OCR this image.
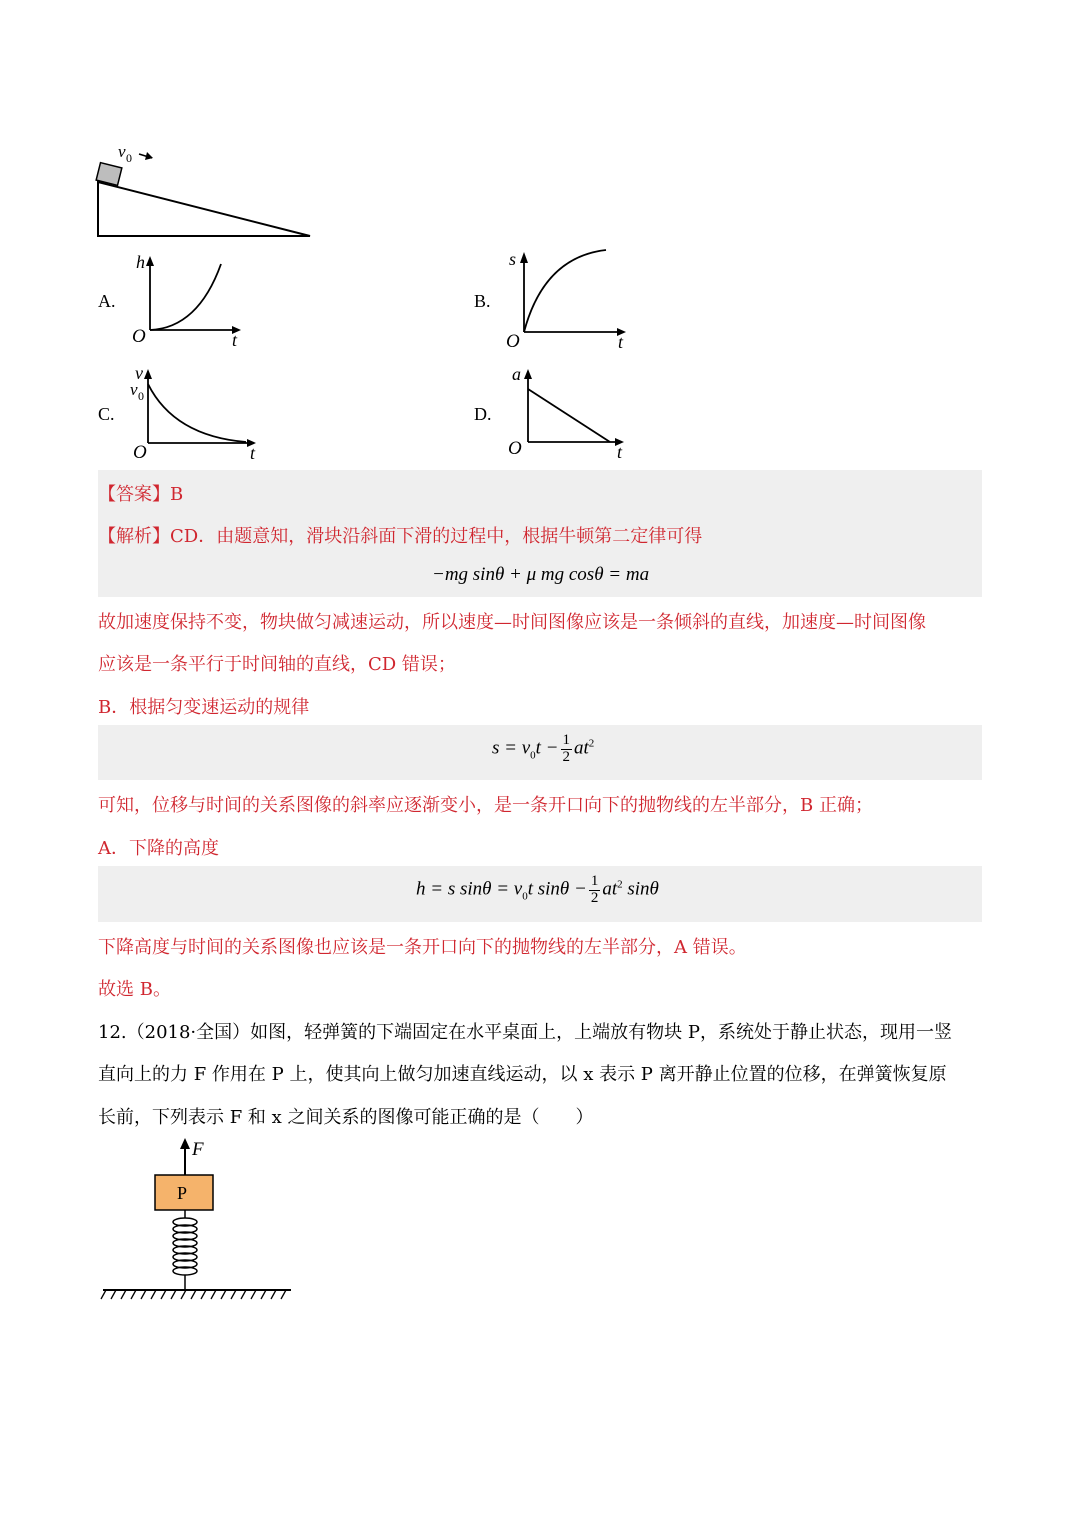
v 0
A.
h
t
O
B.
s
t
O
C.
v
v 0
t
O
D.
a
t
O
【答案】B
【解析】CD．由题意知，滑块沿斜面下滑的过程中，根据牛顿第二定律可得
−mg sinθ + μ mg cosθ = ma
故加速度保持不变，物块做匀减速运动，所以速度—时间图像应该是一条倾斜的直线，加速度—时间图像
应该是一条平行于时间轴的直线，CD 错误；
B．根据匀变速运动的规律
$s = v_0t - \frac{1}{2} at^2$
可知，位移与时间的关系图像的斜率应逐渐变小，是一条开口向下的抛物线的左半部分，B 正确；
A．下降的高度
h = s $\sin\theta = v_0t$ $\sin\theta - \frac{1}{2} at^2$ sinθ
下降高度与时间的关系图像也应该是一条开口向下的抛物线的左半部分，A 错误。
故选 B。
12.（2018·全国）如图，轻弹簧的下端固定在水平桌面上，上端放有物块 P，系统处于静止状态，现用一竖
直向上的力 F 作用在 P 上，使其向上做匀加速直线运动，以 x 表示 P 离开静止位置的位移，在弹簧恢复原
长前，下列表示 F 和 x 之间关系的图像可能正确的是（　　）
F
P
